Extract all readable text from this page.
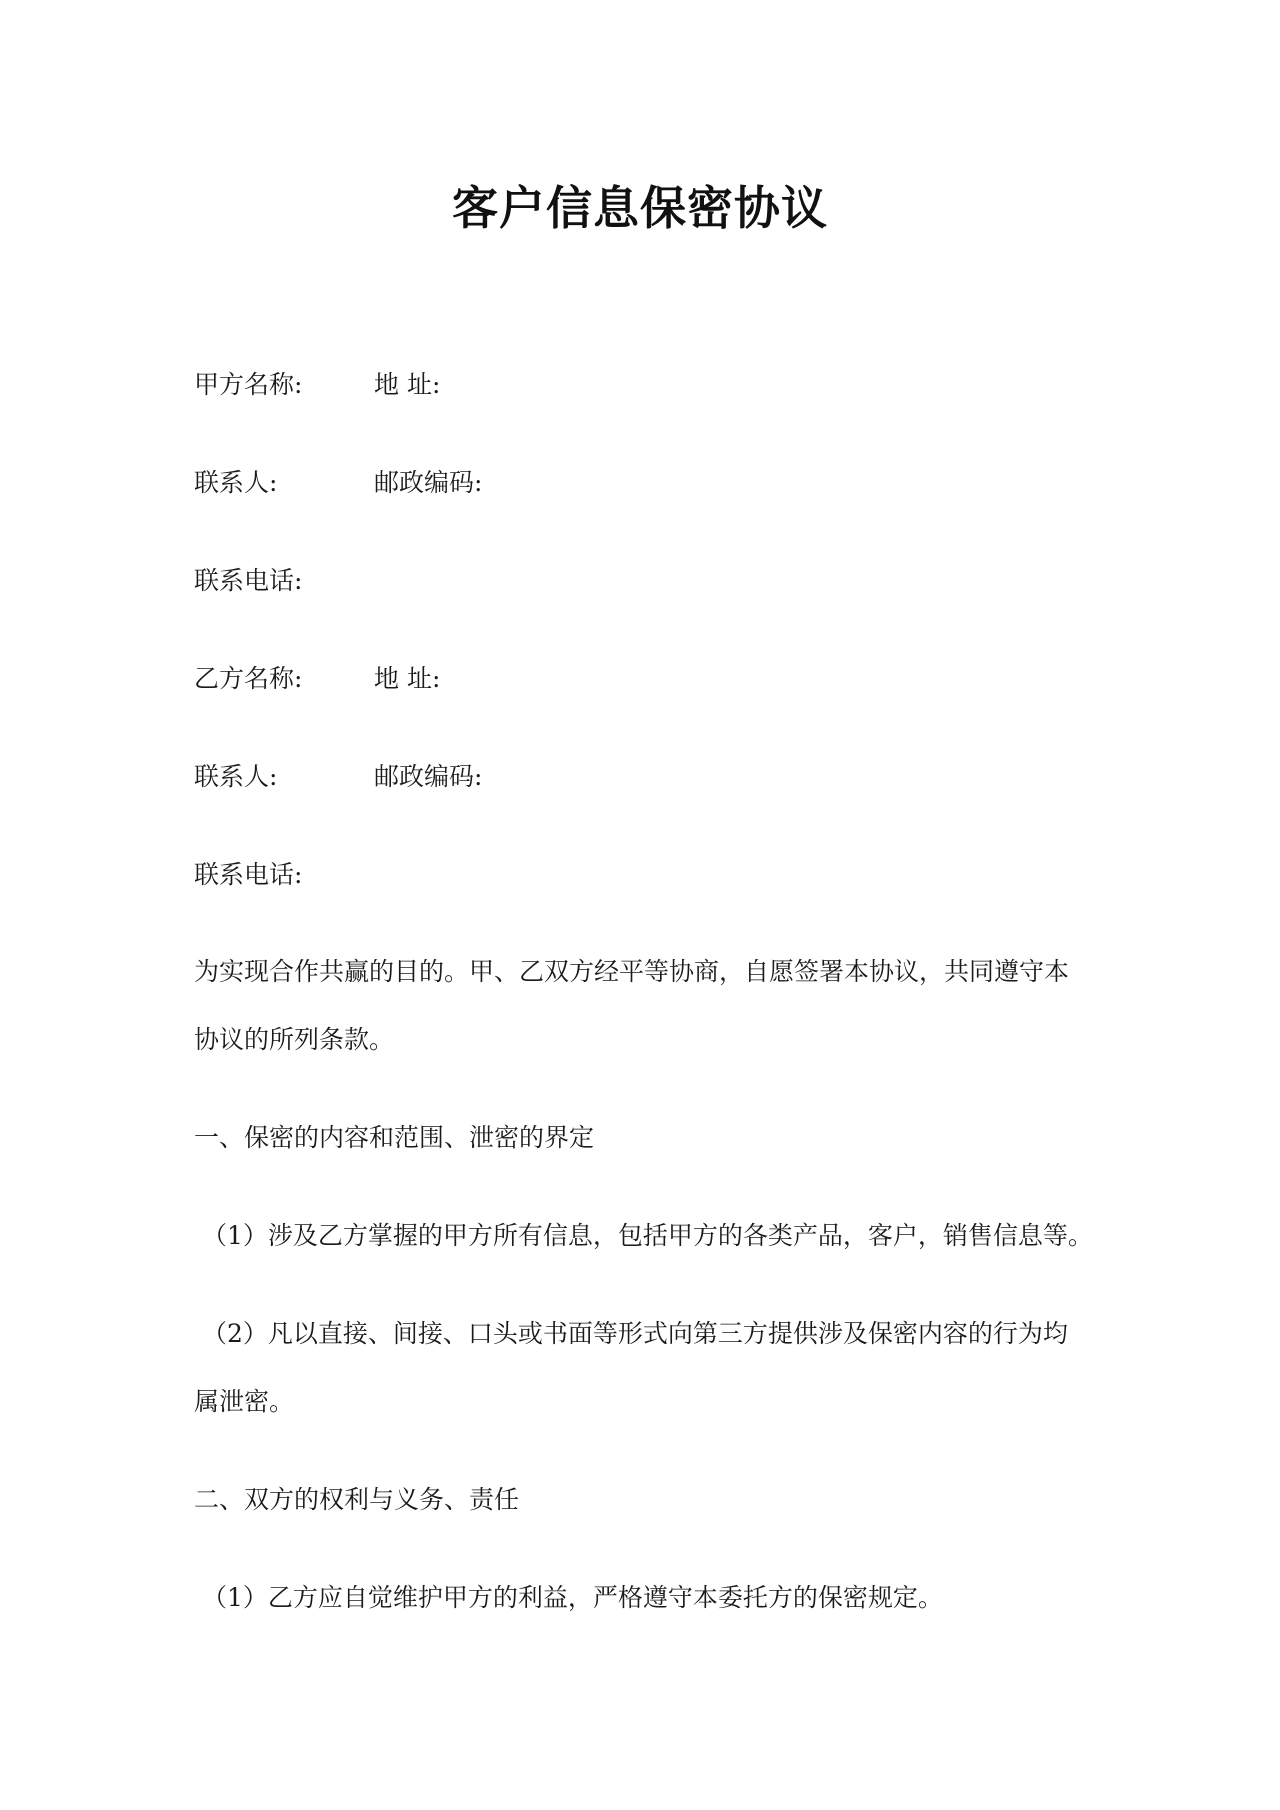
客户信息保密协议
甲方名称:	地 址:
联系人:	邮政编码:
联系电话:
乙方名称:	地 址:
联系人:	邮政编码:
联系电话:
为实现合作共赢的目的。甲、乙双方经平等协商，自愿签署本协议，共同遵守本
协议的所列条款。
一、保密的内容和范围、泄密的界定
（1）涉及乙方掌握的甲方所有信息，包括甲方的各类产品，客户，销售信息等。
（2）凡以直接、间接、口头或书面等形式向第三方提供涉及保密内容的行为均
属泄密。
二、双方的权利与义务、责任
（1）乙方应自觉维护甲方的利益，严格遵守本委托方的保密规定。
